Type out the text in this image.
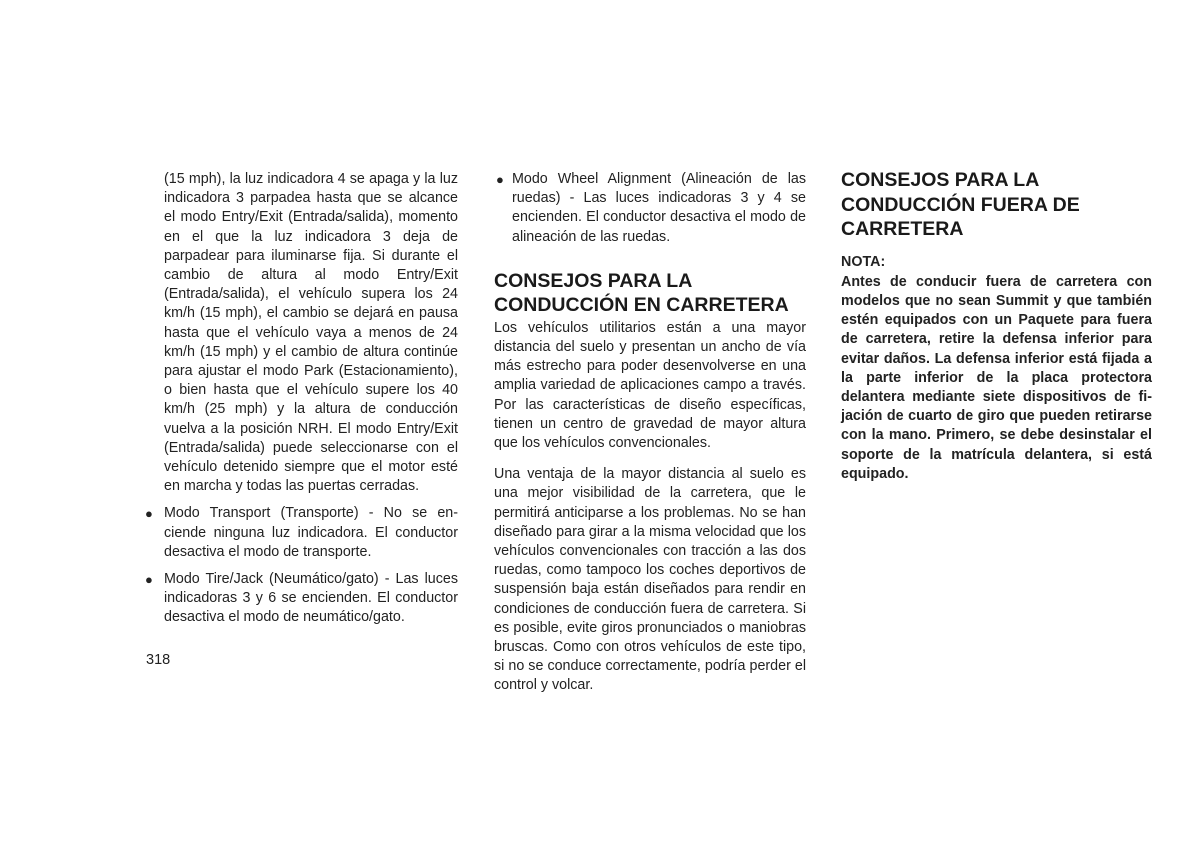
(15 mph), la luz indicadora 4 se apaga y la luz indicadora 3 parpadea hasta que se alcance el modo Entry/Exit (Entrada/salida), momento en el que la luz indicadora 3 deja de parpadear para iluminarse fija. Si durante el cambio de altura al modo Entry/Exit (Entrada/salida), el vehículo supera los 24 km/h (15 mph), el cambio se dejará en pausa hasta que el vehículo vaya a menos de 24 km/h (15 mph) y el cambio de altura continúe para ajustar el modo Park (Estacionamiento), o bien hasta que el vehículo supere los 40 km/h (25 mph) y la altura de conducción vuelva a la posición NRH. El modo Entry/Exit (Entrada/salida) puede seleccionarse con el vehículo detenido siempre que el motor esté en marcha y todas las puertas cerradas.

● Modo Transport (Transporte) - No se enciende ninguna luz indicadora. El conductor desactiva el modo de transporte.
● Modo Tire/Jack (Neumático/gato) - Las luces indicadoras 3 y 6 se encienden. El conductor desactiva el modo de neumático/gato.
● Modo Wheel Alignment (Alineación de las ruedas) - Las luces indicadoras 3 y 4 se encienden. El conductor desactiva el modo de alineación de las ruedas.
CONSEJOS PARA LA CONDUCCIÓN EN CARRETERA

Los vehículos utilitarios están a una mayor distancia del suelo y presentan un ancho de vía más estrecho para poder desenvolverse en una amplia variedad de aplicaciones campo a través. Por las características de diseño específicas, tienen un centro de gravedad de mayor altura que los vehículos convencionales.

Una ventaja de la mayor distancia al suelo es una mejor visibilidad de la carretera, que le permitirá anticiparse a los problemas. No se han diseñado para girar a la misma velocidad que los vehículos convencionales con tracción a las dos ruedas, como tampoco los coches deportivos de suspensión baja están diseñados para rendir en condiciones de conducción fuera de carretera. Si es posible, evite giros pronunciados o maniobras bruscas. Como con otros vehículos de este tipo, si no se conduce correctamente, podría perder el control y volcar.

CONSEJOS PARA LA CONDUCCIÓN FUERA DE CARRETERA

NOTA:

Antes de conducir fuera de carretera con modelos que no sean Summit y que también estén equipados con un Paquete para fuera de carretera, retire la defensa inferior para evitar daños. La defensa inferior está fijada a la parte inferior de la placa protectora delantera mediante siete dispositivos de fijación de cuarto de giro que pueden retirarse con la mano. Primero, se debe desinstalar el soporte de la matrícula delantera, si está equipado.

318
